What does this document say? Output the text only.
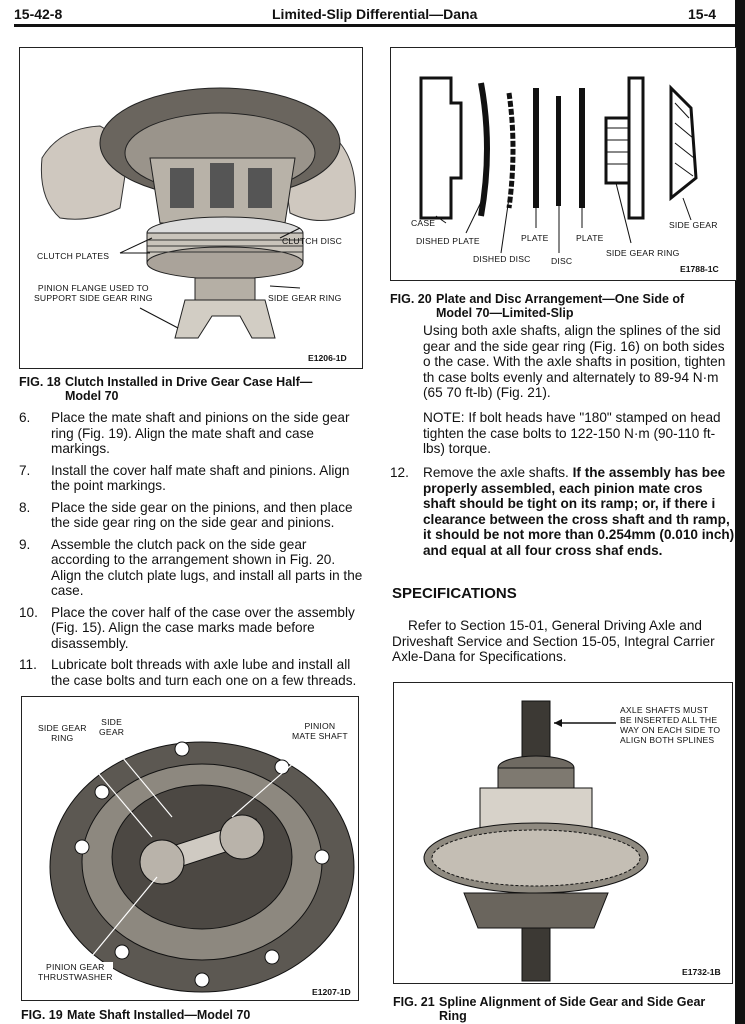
15-42-8	Limited-Slip Differential—Dana	15-4
CLUTCH PLATES
CLUTCH DISC
PINION FLANGE USED TO
SUPPORT SIDE GEAR RING	SIDE GEAR RING
E1206-1D
FIG. 18 Clutch Installed in Drive Gear Case Half—
Model 70
6. Place the mate shaft and pinions on the side gear ring (Fig. 19). Align the mate shaft and case markings.
7. Install the cover half mate shaft and pinions. Align the point markings.
8. Place the side gear on the pinions, and then place the side gear ring on the side gear and pinions.
9. Assemble the clutch pack on the side gear according to the arrangement shown in Fig. 20. Align the clutch plate lugs, and install all parts in the case.
10. Place the cover half of the case over the assembly (Fig. 15). Align the case marks made before disassembly.
11. Lubricate bolt threads with axle lube and install all the case bolts and turn each one on a few threads.
CASE
DISHED PLATE	PLATE	PLATE
DISHED DISC DISC
SIDE GEAR RING
SIDE GEAR
E1788-1C
FIG. 20 Plate and Disc Arrangement—One Side of
Model 70—Limited-Slip
Using both axle shafts, align the splines of the sid gear and the side gear ring (Fig. 16) on both sides o the case. With the axle shafts in position, tighten th case bolts evenly and alternately to 89-94 N·m (65 70 ft-lb) (Fig. 21).
NOTE: If bolt heads have "180" stamped on head tighten the case bolts to 122-150 N·m (90-110 ft-lbs) torque.
12.	Remove the axle shafts. If the assembly has bee properly assembled, each pinion mate cros shaft should be tight on its ramp; or, if there i clearance between the cross shaft and th ramp, it should be not more than 0.254mm (0.010 inch) and equal at all four cross shaf ends.
SPECIFICATIONS
Refer to Section 15-01, General Driving Axle and Driveshaft Service and Section 15-05, Integral Carrier Axle-Dana for Specifications.
SIDE GEAR
RING
SIDE
GEAR
PINION
MATE SHAFT
PINION GEAR
THRUSTWASHER
E1207-1D
FIG. 19 Mate Shaft Installed—Model 70
AXLE SHAFTS MUST
BE INSERTED ALL THE
WAY ON EACH SIDE TO
ALIGN BOTH SPLINES
E1732-1B
FIG. 21 Spline Alignment of Side Gear and Side Gear
Ring
